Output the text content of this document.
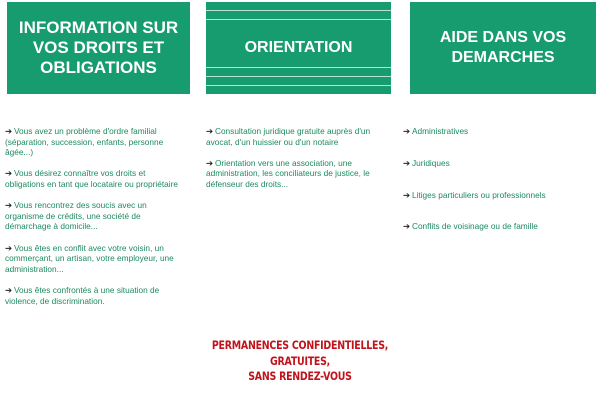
INFORMATION SUR VOS DROITS ET OBLIGATIONS
ORIENTATION
AIDE DANS VOS DEMARCHES
➔ Vous avez un problème d'ordre familial (séparation, succession, enfants, personne âgée...)
➔ Vous désirez connaître vos droits et obligations en tant que locataire ou propriétaire
➔ Vous rencontrez des soucis avec un organisme de crédits, une société de démarchage à domicile...
➔ Vous êtes en conflit avec votre voisin, un commerçant, un artisan, votre employeur, une administration...
➔ Vous êtes confrontés à une situation de violence, de discrimination.
➔ Consultation juridique gratuite auprès d'un avocat, d'un huissier ou d'un notaire
➔ Orientation vers une association, une administration, les conciliateurs de justice, le défenseur des droits...
➔ Administratives
➔ Juridiques
➔ Litiges particuliers ou professionnels
➔ Conflits de voisinage ou de famille
PERMANENCES CONFIDENTIELLES,
GRATUITES,
SANS RENDEZ-VOUS
